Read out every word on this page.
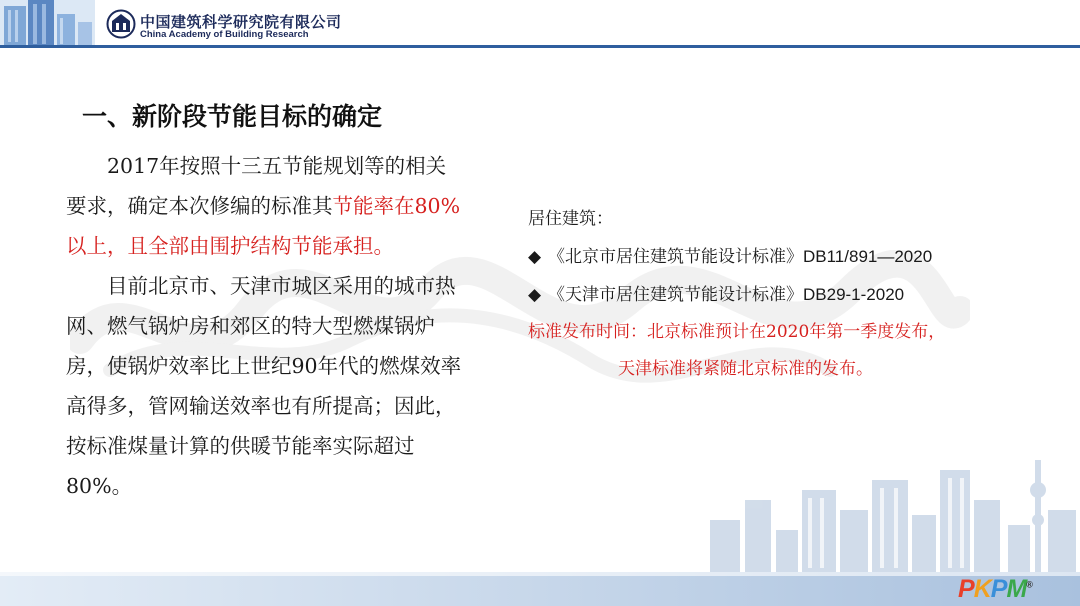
中国建筑科学研究院有限公司
China Academy of Building Research
一、新阶段节能目标的确定

2017年按照十三五节能规划等的相关要求，确定本次修编的标准其节能率在80%以上，且全部由围护结构节能承担。

目前北京市、天津市城区采用的城市热网、燃气锅炉房和郊区的特大型燃煤锅炉房，使锅炉效率比上世纪90年代的燃煤效率高得多，管网输送效率也有所提高；因此，按标准煤量计算的供暖节能率实际超过80%。

居住建筑：
◆ 《北京市居住建筑节能设计标准》DB11/891—2020
◆ 《天津市居住建筑节能设计标准》DB29-1-2020
标准发布时间：北京标准预计在2020年第一季度发布，
天津标准将紧随北京标准的发布。
PKPM®
